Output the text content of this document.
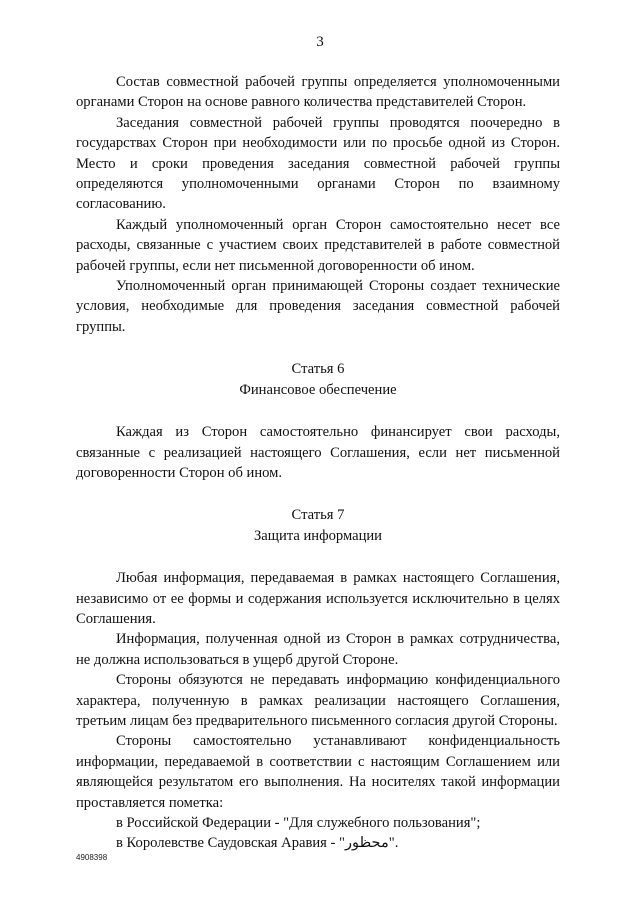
3

Состав совместной рабочей группы определяется уполномоченными органами Сторон на основе равного количества представителей Сторон.

Заседания совместной рабочей группы проводятся поочередно в государствах Сторон при необходимости или по просьбе одной из Сторон. Место и сроки проведения заседания совместной рабочей группы определяются уполномоченными органами Сторон по взаимному согласованию.

Каждый уполномоченный орган Сторон самостоятельно несет все расходы, связанные с участием своих представителей в работе совместной рабочей группы, если нет письменной договоренности об ином.

Уполномоченный орган принимающей Стороны создает технические условия, необходимые для проведения заседания совместной рабочей группы.

Статья 6

Финансовое обеспечение

Каждая из Сторон самостоятельно финансирует свои расходы, связанные с реализацией настоящего Соглашения, если нет письменной договоренности Сторон об ином.

Статья 7

Защита информации

Любая информация, передаваемая в рамках настоящего Соглашения, независимо от ее формы и содержания используется исключительно в целях Соглашения.

Информация, полученная одной из Сторон в рамках сотрудничества, не должна использоваться в ущерб другой Стороне.

Стороны обязуются не передавать информацию конфиденциального характера, полученную в рамках реализации настоящего Соглашения, третьим лицам без предварительного письменного согласия другой Стороны.

Стороны самостоятельно устанавливают конфиденциальность информации, передаваемой в соответствии с настоящим Соглашением или являющейся результатом его выполнения. На носителях такой информации проставляется пометка:

в Российской Федерации - "Для служебного пользования";

в Королевстве Саудовская Аравия - "محظور".

4908398
